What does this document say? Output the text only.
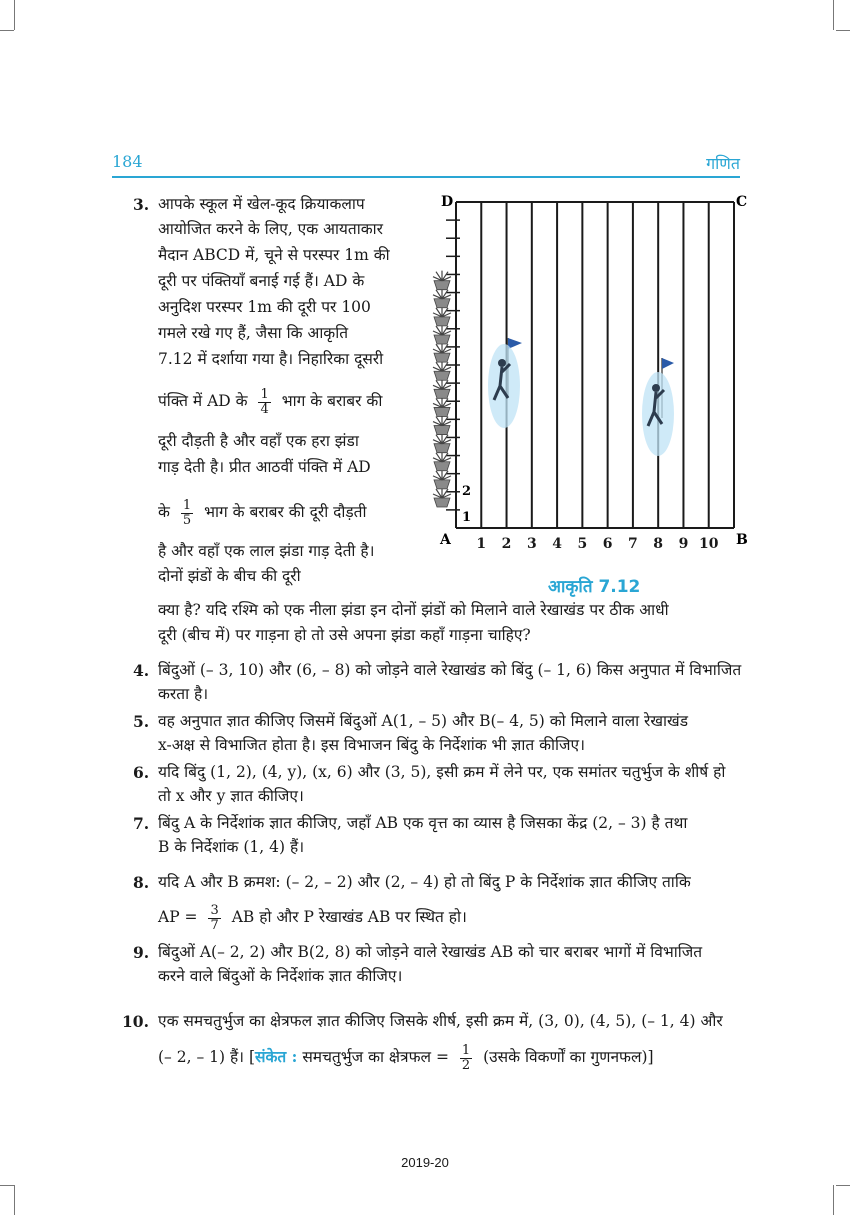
184	गणित
3. आपके स्कूल में खेल-कूद क्रियाकलाप
आयोजित करने के लिए, एक आयताकार
मैदान ABCD में, चूने से परस्पर 1m की
दूरी पर पंक्तियाँ बनाई गई हैं। AD के
अनुदिश परस्पर 1m की दूरी पर 100
गमले रखे गए हैं, जैसा कि आकृति
7.12 में दर्शाया गया है। निहारिका दूसरी
पंक्ति में AD के $\frac{1}{4}$ भाग के बराबर की
दूरी दौड़ती है और वहाँ एक हरा झंडा
गाड़ देती है। प्रीत आठवीं पंक्ति में AD
के $\frac{1}{5}$ भाग के बराबर की दूरी दौड़ती
है और वहाँ एक लाल झंडा गाड़ देती है।
दोनों झंडों के बीच की दूरी
क्या है? यदि रश्मि को एक नीला झंडा इन दोनों झंडों को मिलाने वाले रेखाखंड पर ठीक आधी
दूरी (बीच में) पर गाड़ना हो तो उसे अपना झंडा कहाँ गाड़ना चाहिए?
D	C
A	B
2
1
1 2 3 4 5 6 7 8 9 10
आकृति 7.12
4. बिंदुओं (– 3, 10) और (6, – 8) को जोड़ने वाले रेखाखंड को बिंदु (– 1, 6) किस अनुपात में विभाजित
करता है।
5. वह अनुपात ज्ञात कीजिए जिसमें बिंदुओं A(1, – 5) और B(– 4, 5) को मिलाने वाला रेखाखंड
x-अक्ष से विभाजित होता है। इस विभाजन बिंदु के निर्देशांक भी ज्ञात कीजिए।
6. यदि बिंदु (1, 2), (4, y), (x, 6) और (3, 5), इसी क्रम में लेने पर, एक समांतर चतुर्भुज के शीर्ष हो
तो x और y ज्ञात कीजिए।
7. बिंदु A के निर्देशांक ज्ञात कीजिए, जहाँ AB एक वृत्त का व्यास है जिसका केंद्र (2, – 3) है तथा
B के निर्देशांक (1, 4) हैं।
8. यदि A और B क्रमश: (– 2, – 2) और (2, – 4) हो तो बिंदु P के निर्देशांक ज्ञात कीजिए ताकि
AP = $\frac{3}{7}$ AB हो और P रेखाखंड AB पर स्थित हो।
9. बिंदुओं A(– 2, 2) और B(2, 8) को जोड़ने वाले रेखाखंड AB को चार बराबर भागों में विभाजित
करने वाले बिंदुओं के निर्देशांक ज्ञात कीजिए।
10. एक समचतुर्भुज का क्षेत्रफल ज्ञात कीजिए जिसके शीर्ष, इसी क्रम में, (3, 0), (4, 5), (– 1, 4) और
(– 2, – 1) हैं। [संकेत : समचतुर्भुज का क्षेत्रफल = $\frac{1}{2}$ (उसके विकर्णों का गुणनफल)]
2019-20
